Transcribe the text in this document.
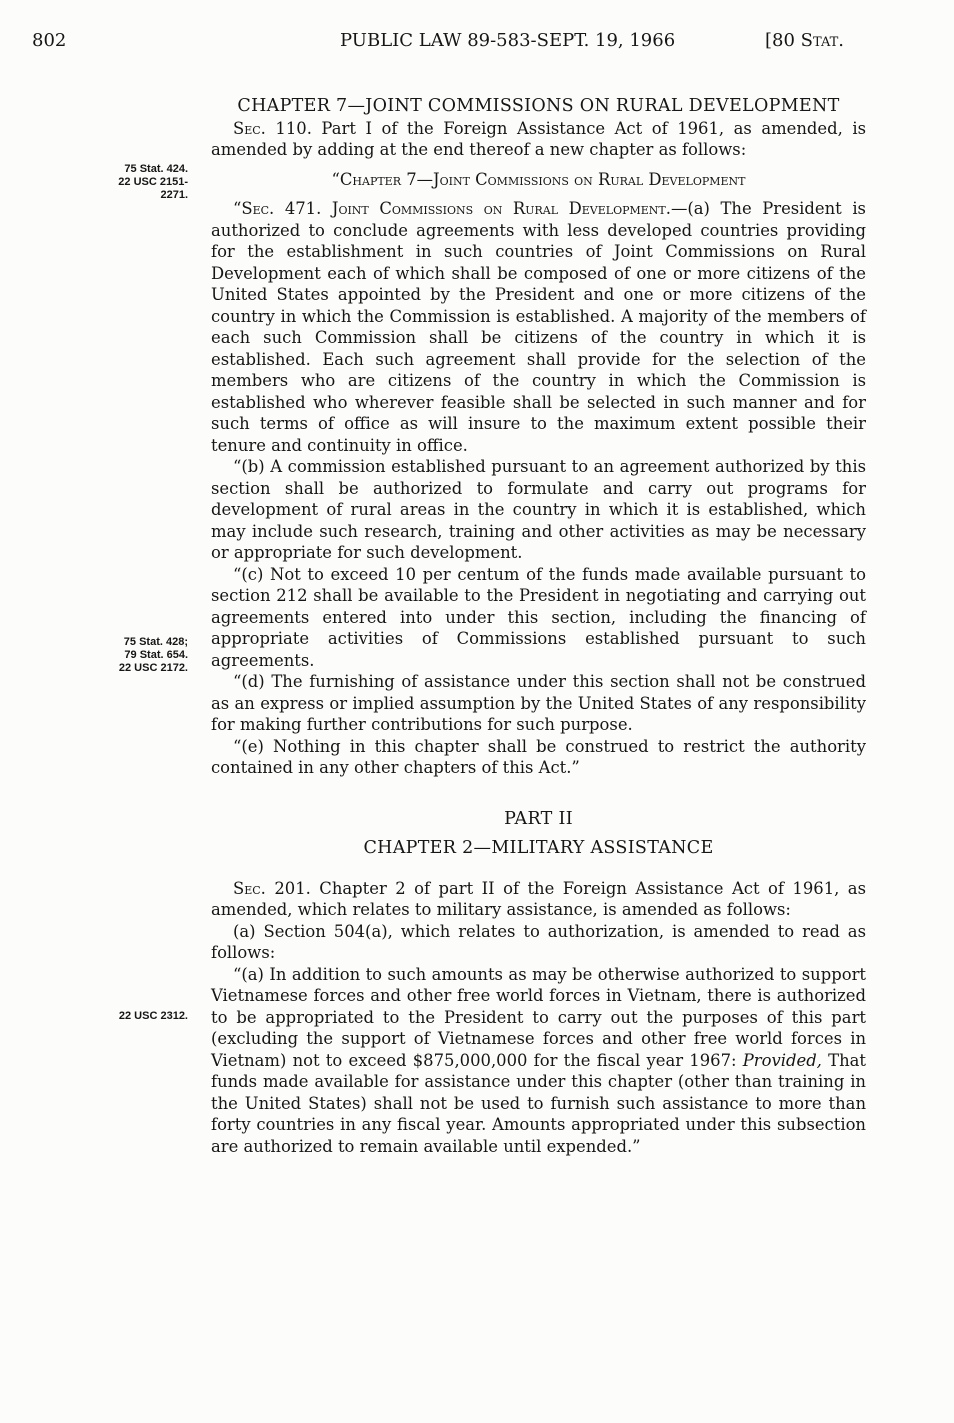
802	PUBLIC LAW 89-583-SEPT. 19, 1966	[80 Stat.
75 Stat. 424.
22 USC 2151-
2271.
75 Stat. 428;
79 Stat. 654.
22 USC 2172.
22 USC 2312.

CHAPTER 7—JOINT COMMISSIONS ON RURAL DEVELOPMENT

Sec. 110. Part I of the Foreign Assistance Act of 1961, as amended, is amended by adding at the end thereof a new chapter as follows:

“Chapter 7—Joint Commissions on Rural Development

“Sec. 471. Joint Commissions on Rural Development.—(a) The President is authorized to conclude agreements with less developed countries providing for the establishment in such countries of Joint Commissions on Rural Development each of which shall be composed of one or more citizens of the United States appointed by the President and one or more citizens of the country in which the Commission is established. A majority of the members of each such Commission shall be citizens of the country in which it is established. Each such agreement shall provide for the selection of the members who are citizens of the country in which the Commission is established who wherever feasible shall be selected in such manner and for such terms of office as will insure to the maximum extent possible their tenure and continuity in office.

“(b) A commission established pursuant to an agreement authorized by this section shall be authorized to formulate and carry out programs for development of rural areas in the country in which it is established, which may include such research, training and other activities as may be necessary or appropriate for such development.

“(c) Not to exceed 10 per centum of the funds made available pursuant to section 212 shall be available to the President in negotiating and carrying out agreements entered into under this section, including the financing of appropriate activities of Commissions established pursuant to such agreements.

“(d) The furnishing of assistance under this section shall not be construed as an express or implied assumption by the United States of any responsibility for making further contributions for such purpose.

“(e) Nothing in this chapter shall be construed to restrict the authority contained in any other chapters of this Act.”

PART II

CHAPTER 2—MILITARY ASSISTANCE

Sec. 201. Chapter 2 of part II of the Foreign Assistance Act of 1961, as amended, which relates to military assistance, is amended as follows:

(a) Section 504(a), which relates to authorization, is amended to read as follows:

“(a) In addition to such amounts as may be otherwise authorized to support Vietnamese forces and other free world forces in Vietnam, there is authorized to be appropriated to the President to carry out the purposes of this part (excluding the support of Vietnamese forces and other free world forces in Vietnam) not to exceed $875,000,000 for the fiscal year 1967: Provided, That funds made available for assistance under this chapter (other than training in the United States) shall not be used to furnish such assistance to more than forty countries in any fiscal year. Amounts appropriated under this subsection are authorized to remain available until expended.”
